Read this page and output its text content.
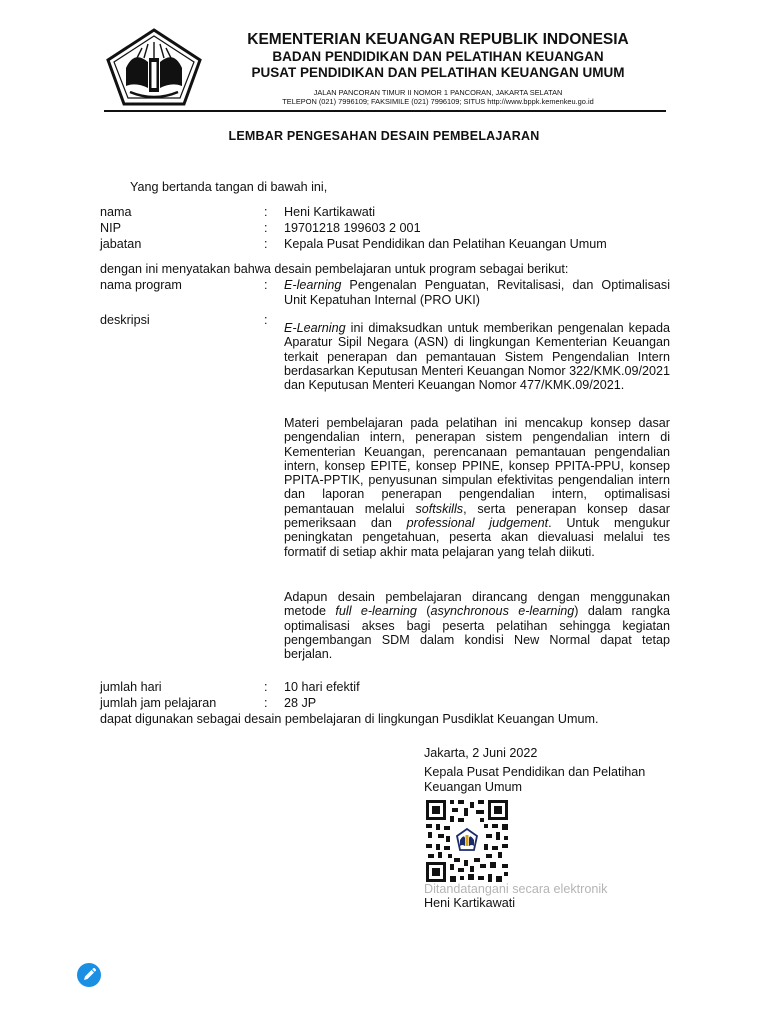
KEMENTERIAN KEUANGAN REPUBLIK INDONESIA
BADAN PENDIDIKAN DAN PELATIHAN KEUANGAN
PUSAT PENDIDIKAN DAN PELATIHAN KEUANGAN UMUM
JALAN PANCORAN TIMUR II NOMOR 1 PANCORAN, JAKARTA SELATAN
TELEPON (021) 7996109; FAKSIMILE (021) 7996109; SITUS http://www.bppk.kemenkeu.go.id
LEMBAR PENGESAHAN DESAIN PEMBELAJARAN
Yang bertanda tangan di bawah ini,
nama	: Heni Kartikawati
NIP	: 19701218 199603 2 001
jabatan	: Kepala Pusat Pendidikan dan Pelatihan Keuangan Umum
dengan ini menyatakan bahwa desain pembelajaran untuk program sebagai berikut:
nama program	: E-learning Pengenalan Penguatan, Revitalisasi, dan Optimalisasi Unit Kepatuhan Internal (PRO UKI)

deskripsi	:

E-Learning ini dimaksudkan untuk memberikan pengenalan kepada Aparatur Sipil Negara (ASN) di lingkungan Kementerian Keuangan terkait penerapan dan pemantauan Sistem Pengendalian Intern berdasarkan Keputusan Menteri Keuangan Nomor 322/KMK.09/2021 dan Keputusan Menteri Keuangan Nomor 477/KMK.09/2021.

Materi pembelajaran pada pelatihan ini mencakup konsep dasar pengendalian intern, penerapan sistem pengendalian intern di Kementerian Keuangan, perencanaan pemantauan pengendalian intern, konsep EPITE, konsep PPINE, konsep PPITA-PPU, konsep PPITA-PPTIK, penyusunan simpulan efektivitas pengendalian intern dan laporan penerapan pengendalian intern, optimalisasi pemantauan melalui softskills, serta penerapan konsep dasar pemeriksaan dan professional judgement. Untuk mengukur peningkatan pengetahuan, peserta akan dievaluasi melalui tes formatif di setiap akhir mata pelajaran yang telah diikuti.

Adapun desain pembelajaran dirancang dengan menggunakan metode full e-learning (asynchronous e-learning) dalam rangka optimalisasi akses bagi peserta pelatihan sehingga kegiatan pengembangan SDM dalam kondisi New Normal dapat tetap berjalan.

jumlah hari	: 10 hari efektif
jumlah jam pelajaran	: 28 JP
dapat digunakan sebagai desain pembelajaran di lingkungan Pusdiklat Keuangan Umum.
Jakarta, 2 Juni 2022
Kepala Pusat Pendidikan dan Pelatihan
Keuangan Umum
Ditandatangani secara elektronik
Heni Kartikawati
